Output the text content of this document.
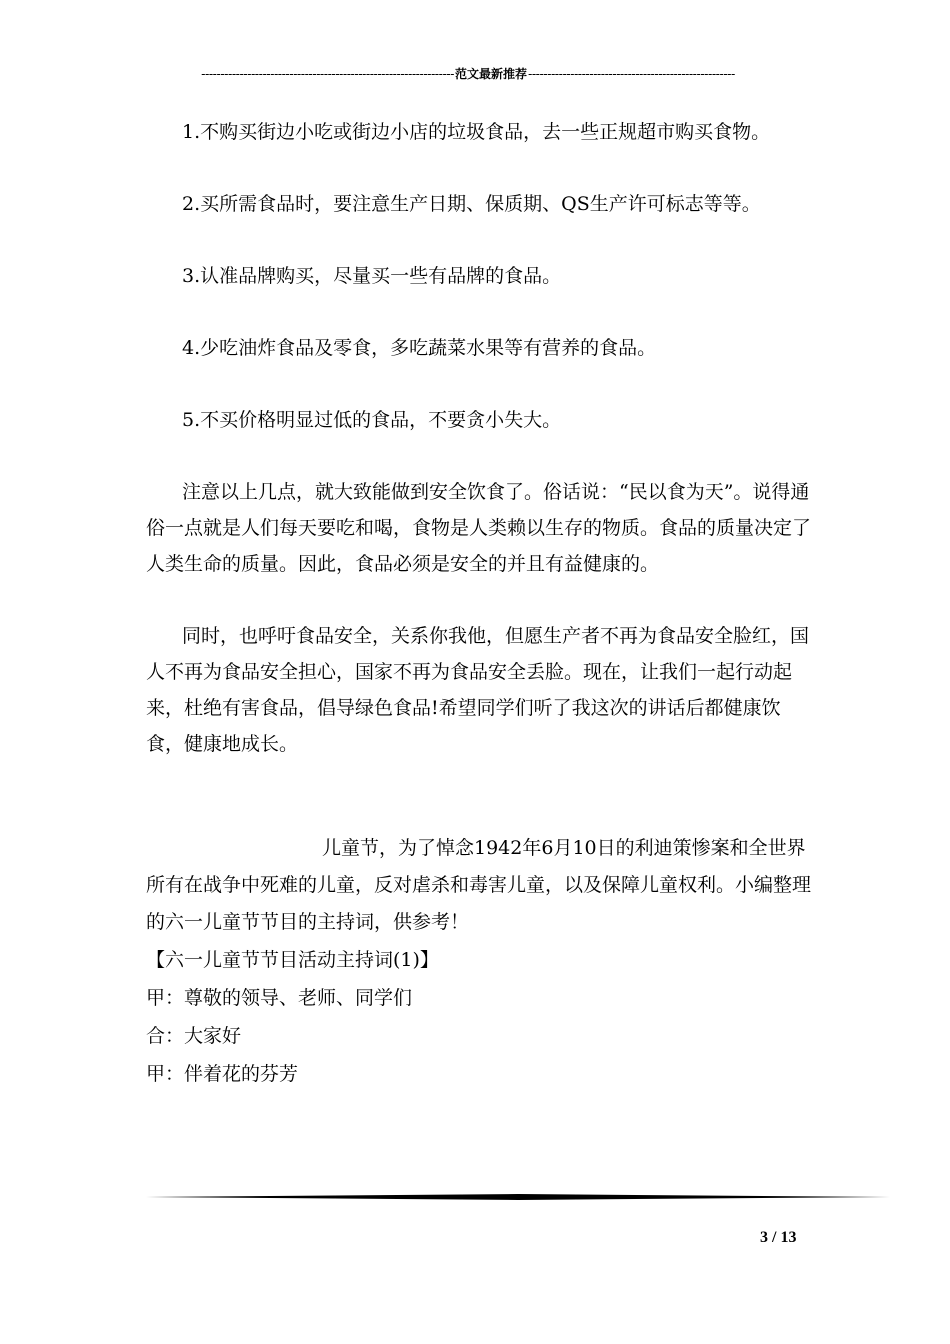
------------------------------------------------------------------范文最新推荐------------------------------------------------------

1.不购买街边小吃或街边小店的垃圾食品，去一些正规超市购买食物。

2.买所需食品时，要注意生产日期、保质期、QS生产许可标志等等。

3.认准品牌购买，尽量买一些有品牌的食品。

4.少吃油炸食品及零食，多吃蔬菜水果等有营养的食品。

5.不买价格明显过低的食品，不要贪小失大。

注意以上几点，就大致能做到安全饮食了。俗话说：“民以食为天”。说得通俗一点就是人们每天要吃和喝，食物是人类赖以生存的物质。食品的质量决定了人类生命的质量。因此，食品必须是安全的并且有益健康的。

同时，也呼吁食品安全，关系你我他，但愿生产者不再为食品安全脸红，国人不再为食品安全担心，国家不再为食品安全丢脸。现在，让我们一起行动起来，杜绝有害食品，倡导绿色食品!希望同学们听了我这次的讲话后都健康饮食，健康地成长。

儿童节，为了悼念1942年6月10日的利迪策惨案和全世界所有在战争中死难的儿童，反对虐杀和毒害儿童，以及保障儿童权利。小编整理的六一儿童节节目的主持词，供参考！

【六一儿童节节目活动主持词(1)】

甲：尊敬的领导、老师、同学们

合：大家好

甲：伴着花的芬芳

3 / 13
